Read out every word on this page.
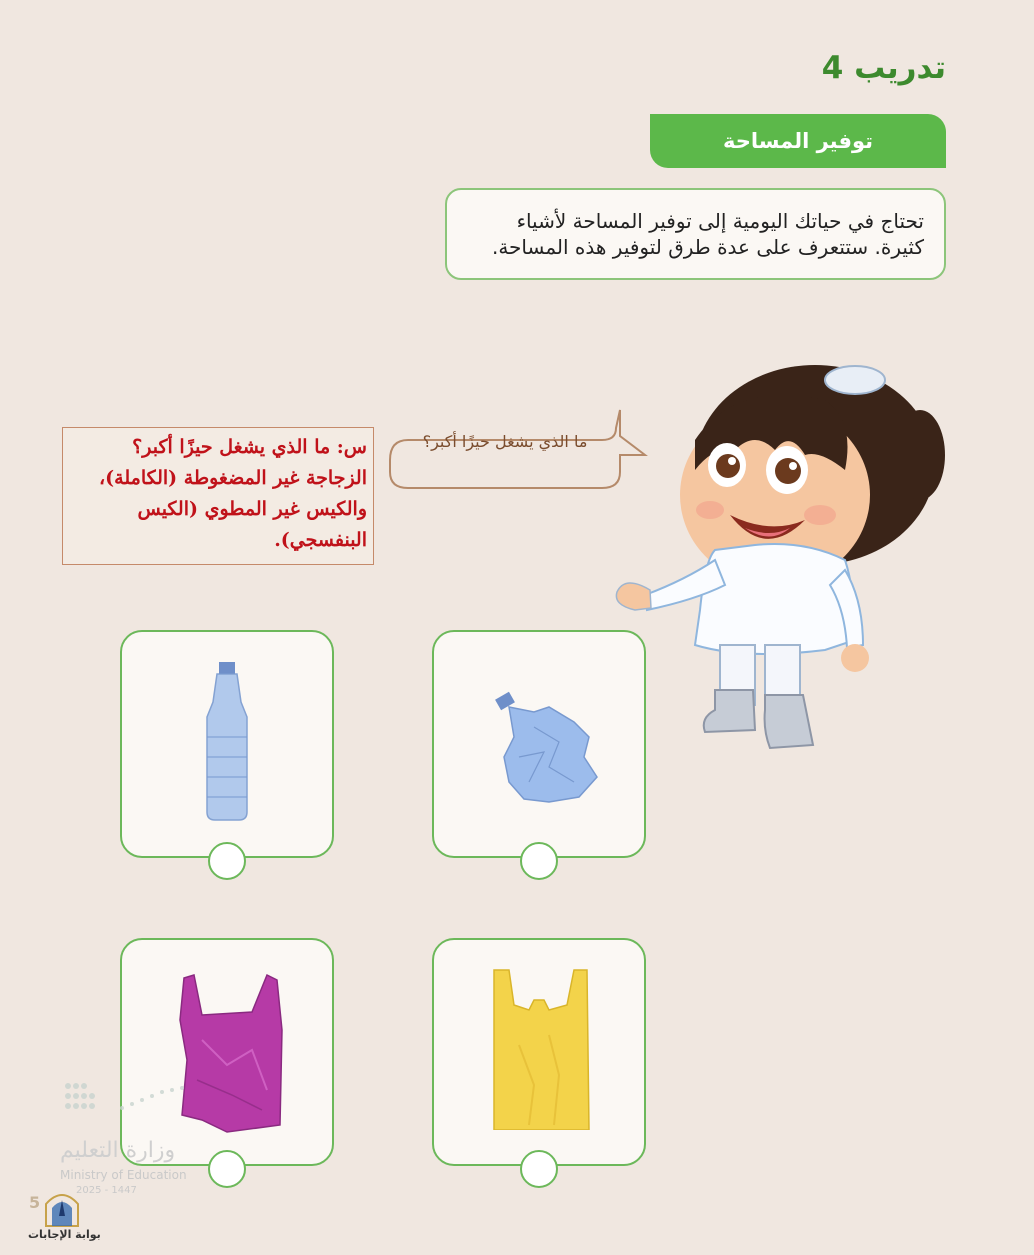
تدريب 4
توفير المساحة
تحتاج في حياتك اليومية إلى توفير المساحة لأشياء كثيرة. ستتعرف على عدة طرق لتوفير هذه المساحة.
س: ما الذي يشغل حيزًا أكبر؟ الزجاجة غير المضغوطة (الكاملة)، والكيس غير المطوي (الكيس البنفسجي).
ما الذي يشغل حيزًا أكبر؟
وزارة التعليم
Ministry of Education
2025 - 1447
5
بوابة الإجابات
